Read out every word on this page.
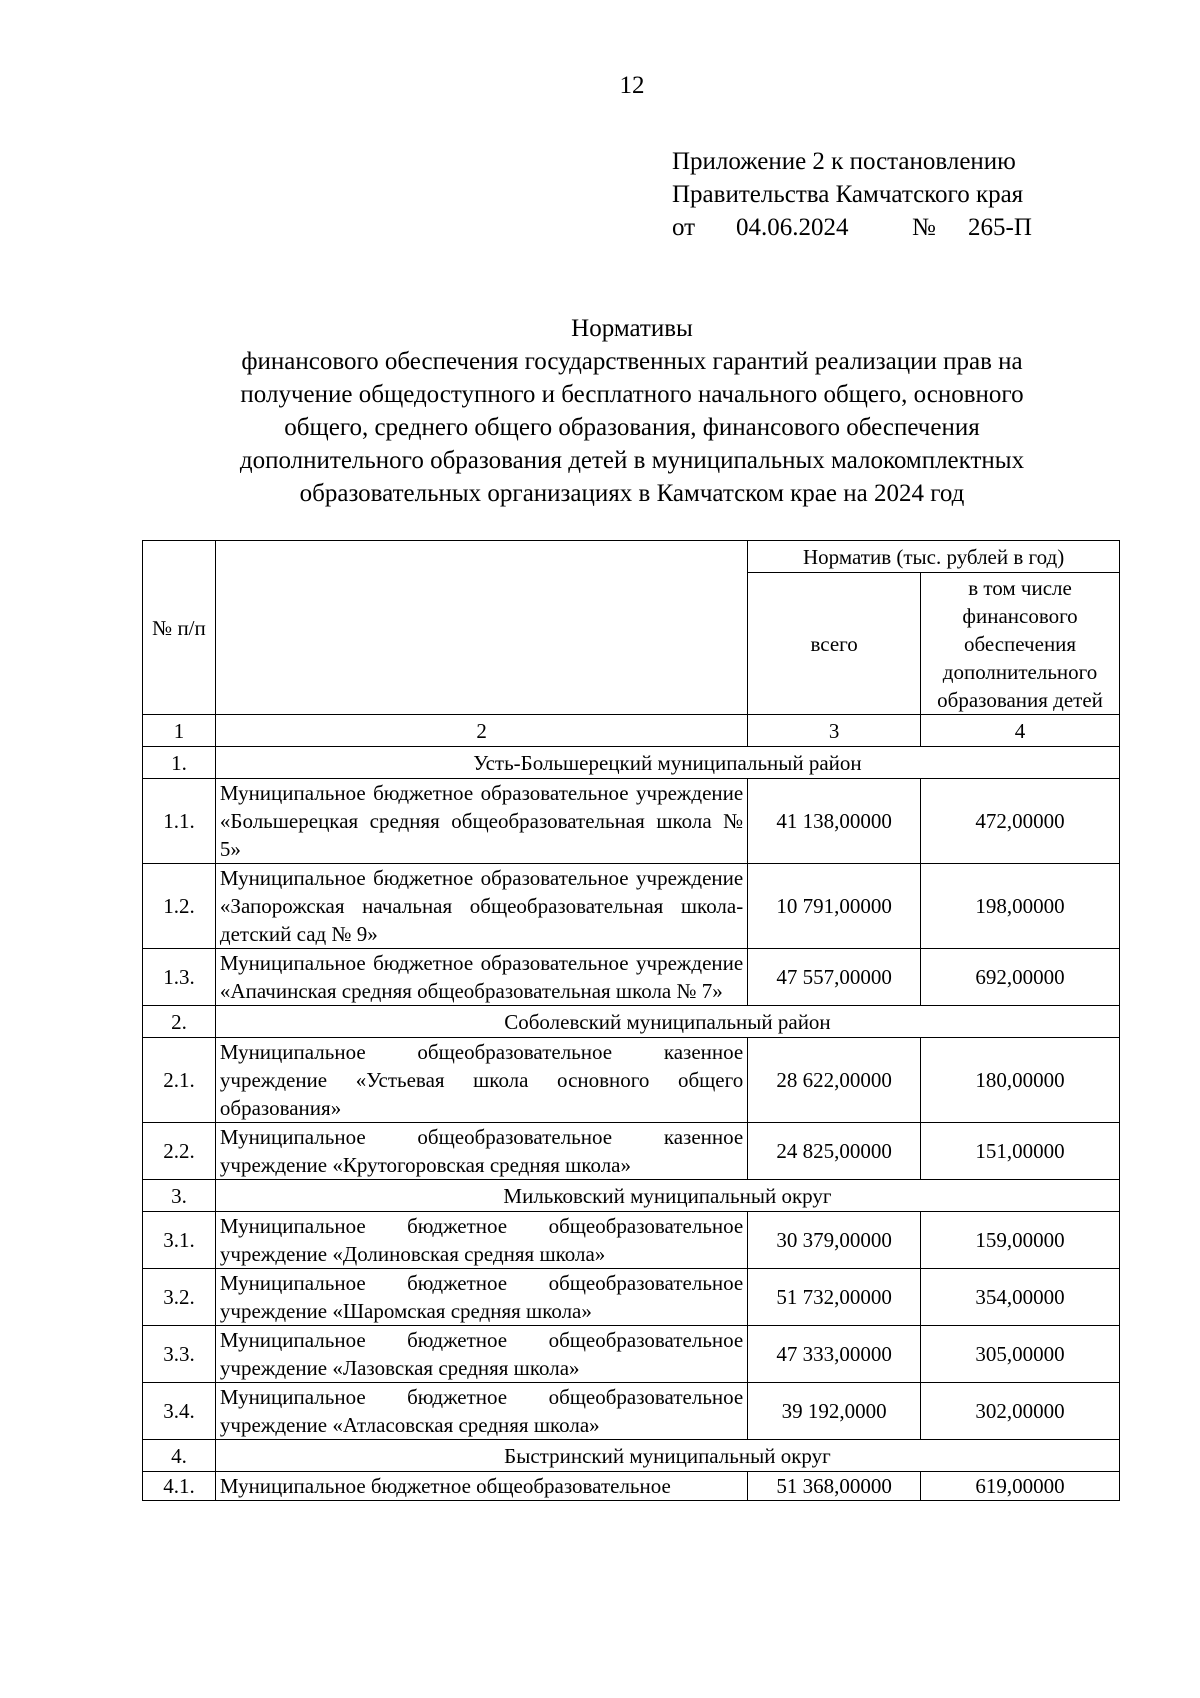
12
Приложение 2 к постановлению
Правительства Камчатского края
от 04.06.2024	№ 265-П
Нормативы
финансового обеспечения государственных гарантий реализации прав на
получение общедоступного и бесплатного начального общего, основного
общего, среднего общего образования, финансового обеспечения
дополнительного образования детей в муниципальных малокомплектных
образовательных организациях в Камчатском крае на 2024 год
№ п/п		Норматив (тыс. рублей в год)	
		всего	в том числе финансового обеспечения дополнительного образования детей
1	2	3	4
1.	Усть-Большерецкий муниципальный район		
1.1.	Муниципальное бюджетное образовательное учреждение «Большерецкая средняя общеобразовательная школа № 5»	41 138,00000	472,00000
1.2.	Муниципальное бюджетное образовательное учреждение «Запорожская начальная общеобразовательная школа-детский сад № 9»	10 791,00000	198,00000
1.3.	Муниципальное бюджетное образовательное учреждение «Апачинская средняя общеобразовательная школа № 7»	47 557,00000	692,00000
2.	Соболевский муниципальный район		
2.1.	Муниципальное общеобразовательное казенное учреждение «Устьевая школа основного общего образования»	28 622,00000	180,00000
2.2.	Муниципальное общеобразовательное казенное учреждение «Крутогоровская средняя школа»	24 825,00000	151,00000
3.	Мильковский муниципальный округ		
3.1.	Муниципальное бюджетное общеобразовательное учреждение «Долиновская средняя школа»	30 379,00000	159,00000
3.2.	Муниципальное бюджетное общеобразовательное учреждение «Шаромская средняя школа»	51 732,00000	354,00000
3.3.	Муниципальное бюджетное общеобразовательное учреждение «Лазовская средняя школа»	47 333,00000	305,00000
3.4.	Муниципальное бюджетное общеобразовательное учреждение «Атласовская средняя школа»	39 192,0000	302,00000
4.	Быстринский муниципальный округ		
4.1.	Муниципальное бюджетное общеобразовательное	51 368,00000	619,00000
